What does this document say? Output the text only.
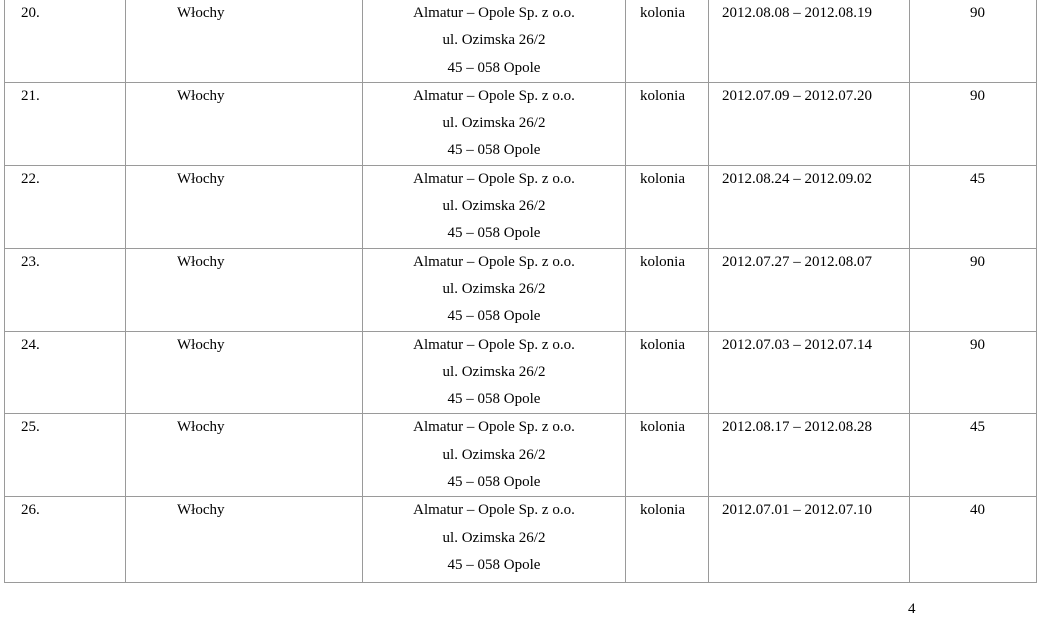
20.	Włochy	Almatur – Opole Sp. z o.o.
ul. Ozimska 26/2
45 – 058 Opole	kolonia	2012.08.08 – 2012.08.19	90

21.	Włochy	Almatur – Opole Sp. z o.o.
ul. Ozimska 26/2
45 – 058 Opole	kolonia	2012.07.09 – 2012.07.20	90

22.	Włochy	Almatur – Opole Sp. z o.o.
ul. Ozimska 26/2
45 – 058 Opole	kolonia	2012.08.24 – 2012.09.02	45

23.	Włochy	Almatur – Opole Sp. z o.o.
ul. Ozimska 26/2
45 – 058 Opole	kolonia	2012.07.27 – 2012.08.07	90

24.	Włochy	Almatur – Opole Sp. z o.o.
ul. Ozimska 26/2
45 – 058 Opole	kolonia	2012.07.03 – 2012.07.14	90

25.	Włochy	Almatur – Opole Sp. z o.o.
ul. Ozimska 26/2
45 – 058 Opole	kolonia	2012.08.17 – 2012.08.28	45

26.	Włochy	Almatur – Opole Sp. z o.o.
ul. Ozimska 26/2
45 – 058 Opole	kolonia	2012.07.01 – 2012.07.10	40
4
